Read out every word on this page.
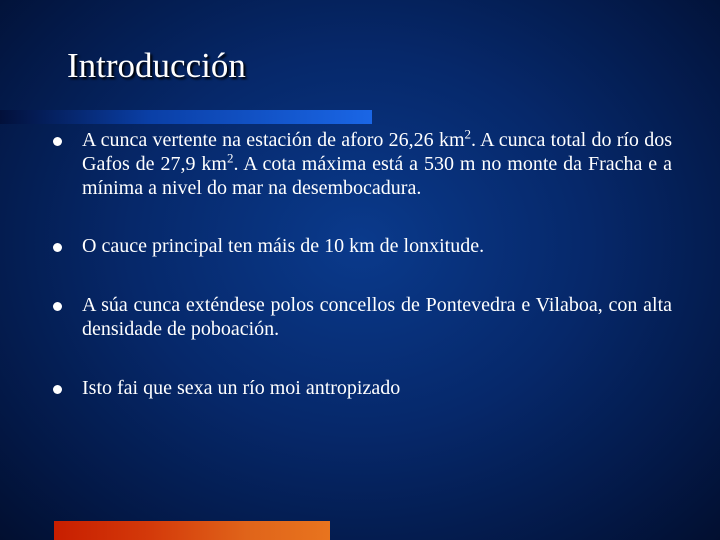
Introducción
A cunca vertente na estación de aforo 26,26 $km^2$. A cunca total do río dos Gafos de 27,9 $km^2$. A cota máxima está a 530 m no monte da Fracha e a mínima a nivel do mar na desembocadura.
O cauce principal ten máis de 10 km de lonxitude.
A súa cunca exténdese polos concellos de Pontevedra e Vilaboa, con alta densidade de poboación.
Isto fai que sexa un río moi antropizado
